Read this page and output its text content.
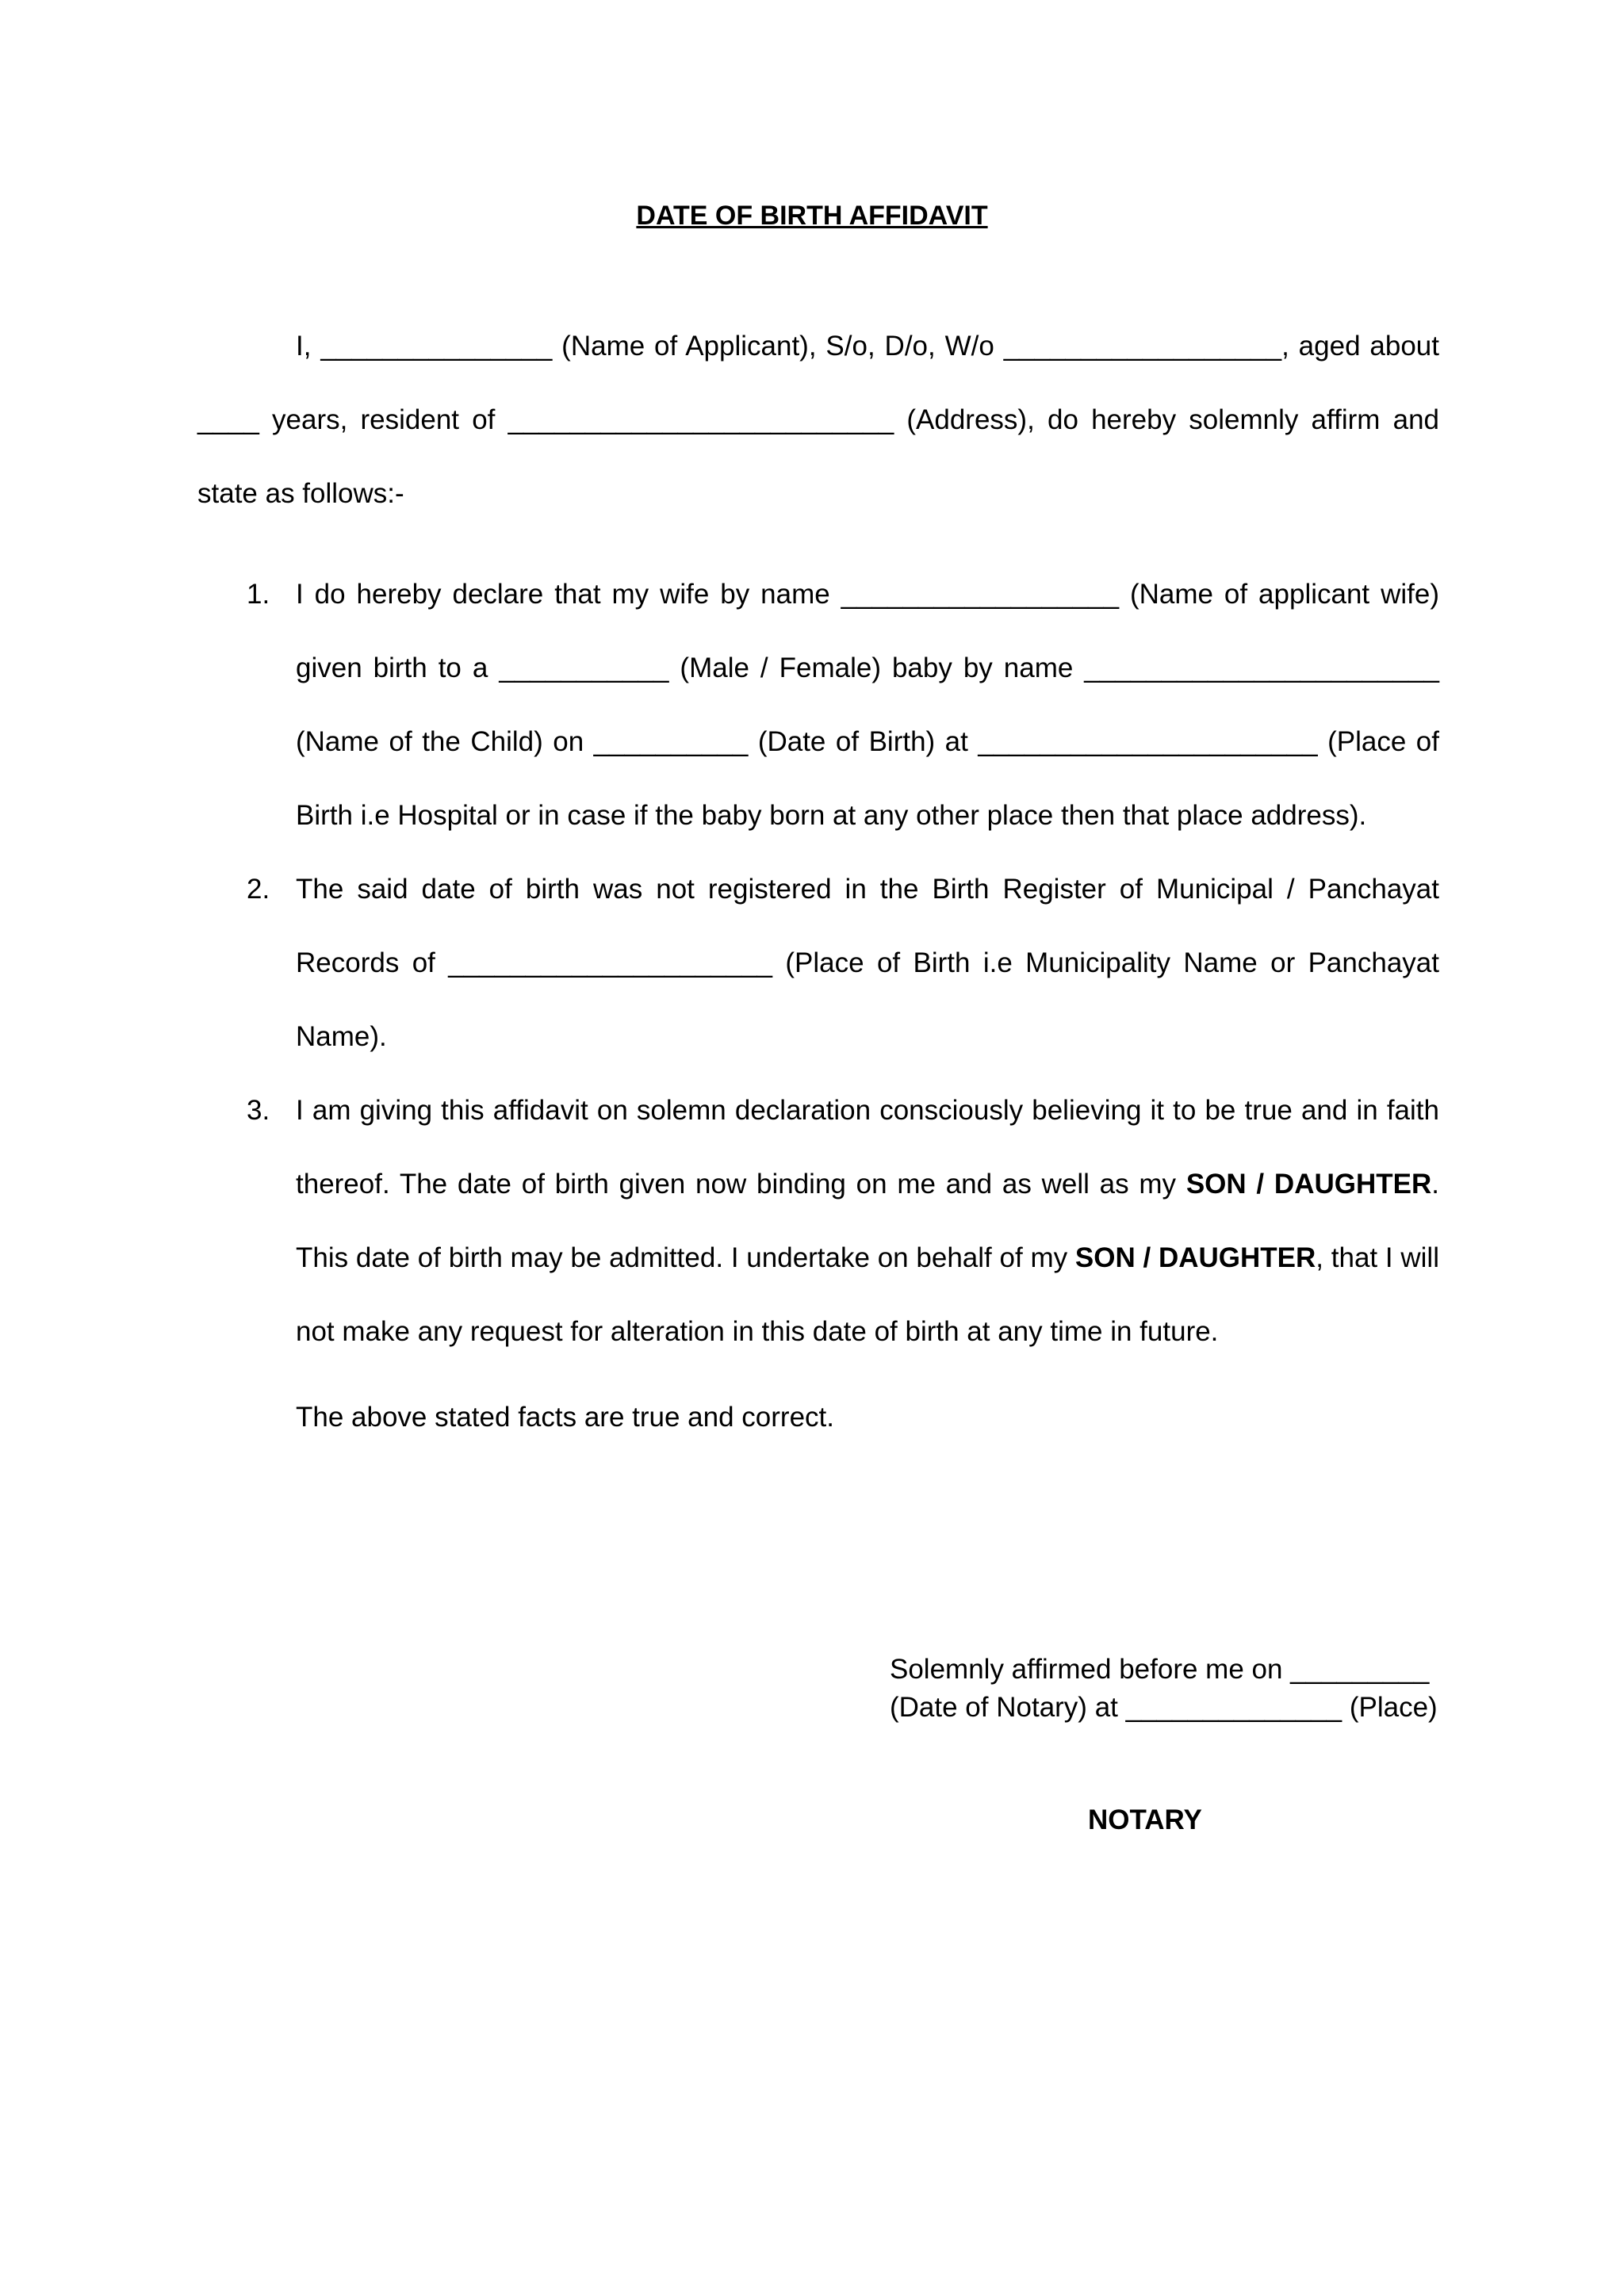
DATE OF BIRTH AFFIDAVIT

I, _______________ (Name of Applicant), S/o, D/o, W/o __________________, aged about ____ years, resident of _________________________ (Address), do hereby solemnly affirm and state as follows:-

1. I do hereby declare that my wife by name __________________ (Name of applicant wife) given birth to a ___________ (Male / Female) baby by name _______________________ (Name of the Child) on __________ (Date of Birth) at ______________________ (Place of Birth i.e Hospital or in case if the baby born at any other place then that place address).
2. The said date of birth was not registered in the Birth Register of Municipal / Panchayat Records of _____________________ (Place of Birth i.e Municipality Name or Panchayat Name).
3. I am giving this affidavit on solemn declaration consciously believing it to be true and in faith thereof. The date of birth given now binding on me and as well as my SON / DAUGHTER. This date of birth may be admitted. I undertake on behalf of my SON / DAUGHTER, that I will not make any request for alteration in this date of birth at any time in future.

The above stated facts are true and correct.

Solemnly affirmed before me on _________
(Date of Notary) at ______________ (Place)
NOTARY
